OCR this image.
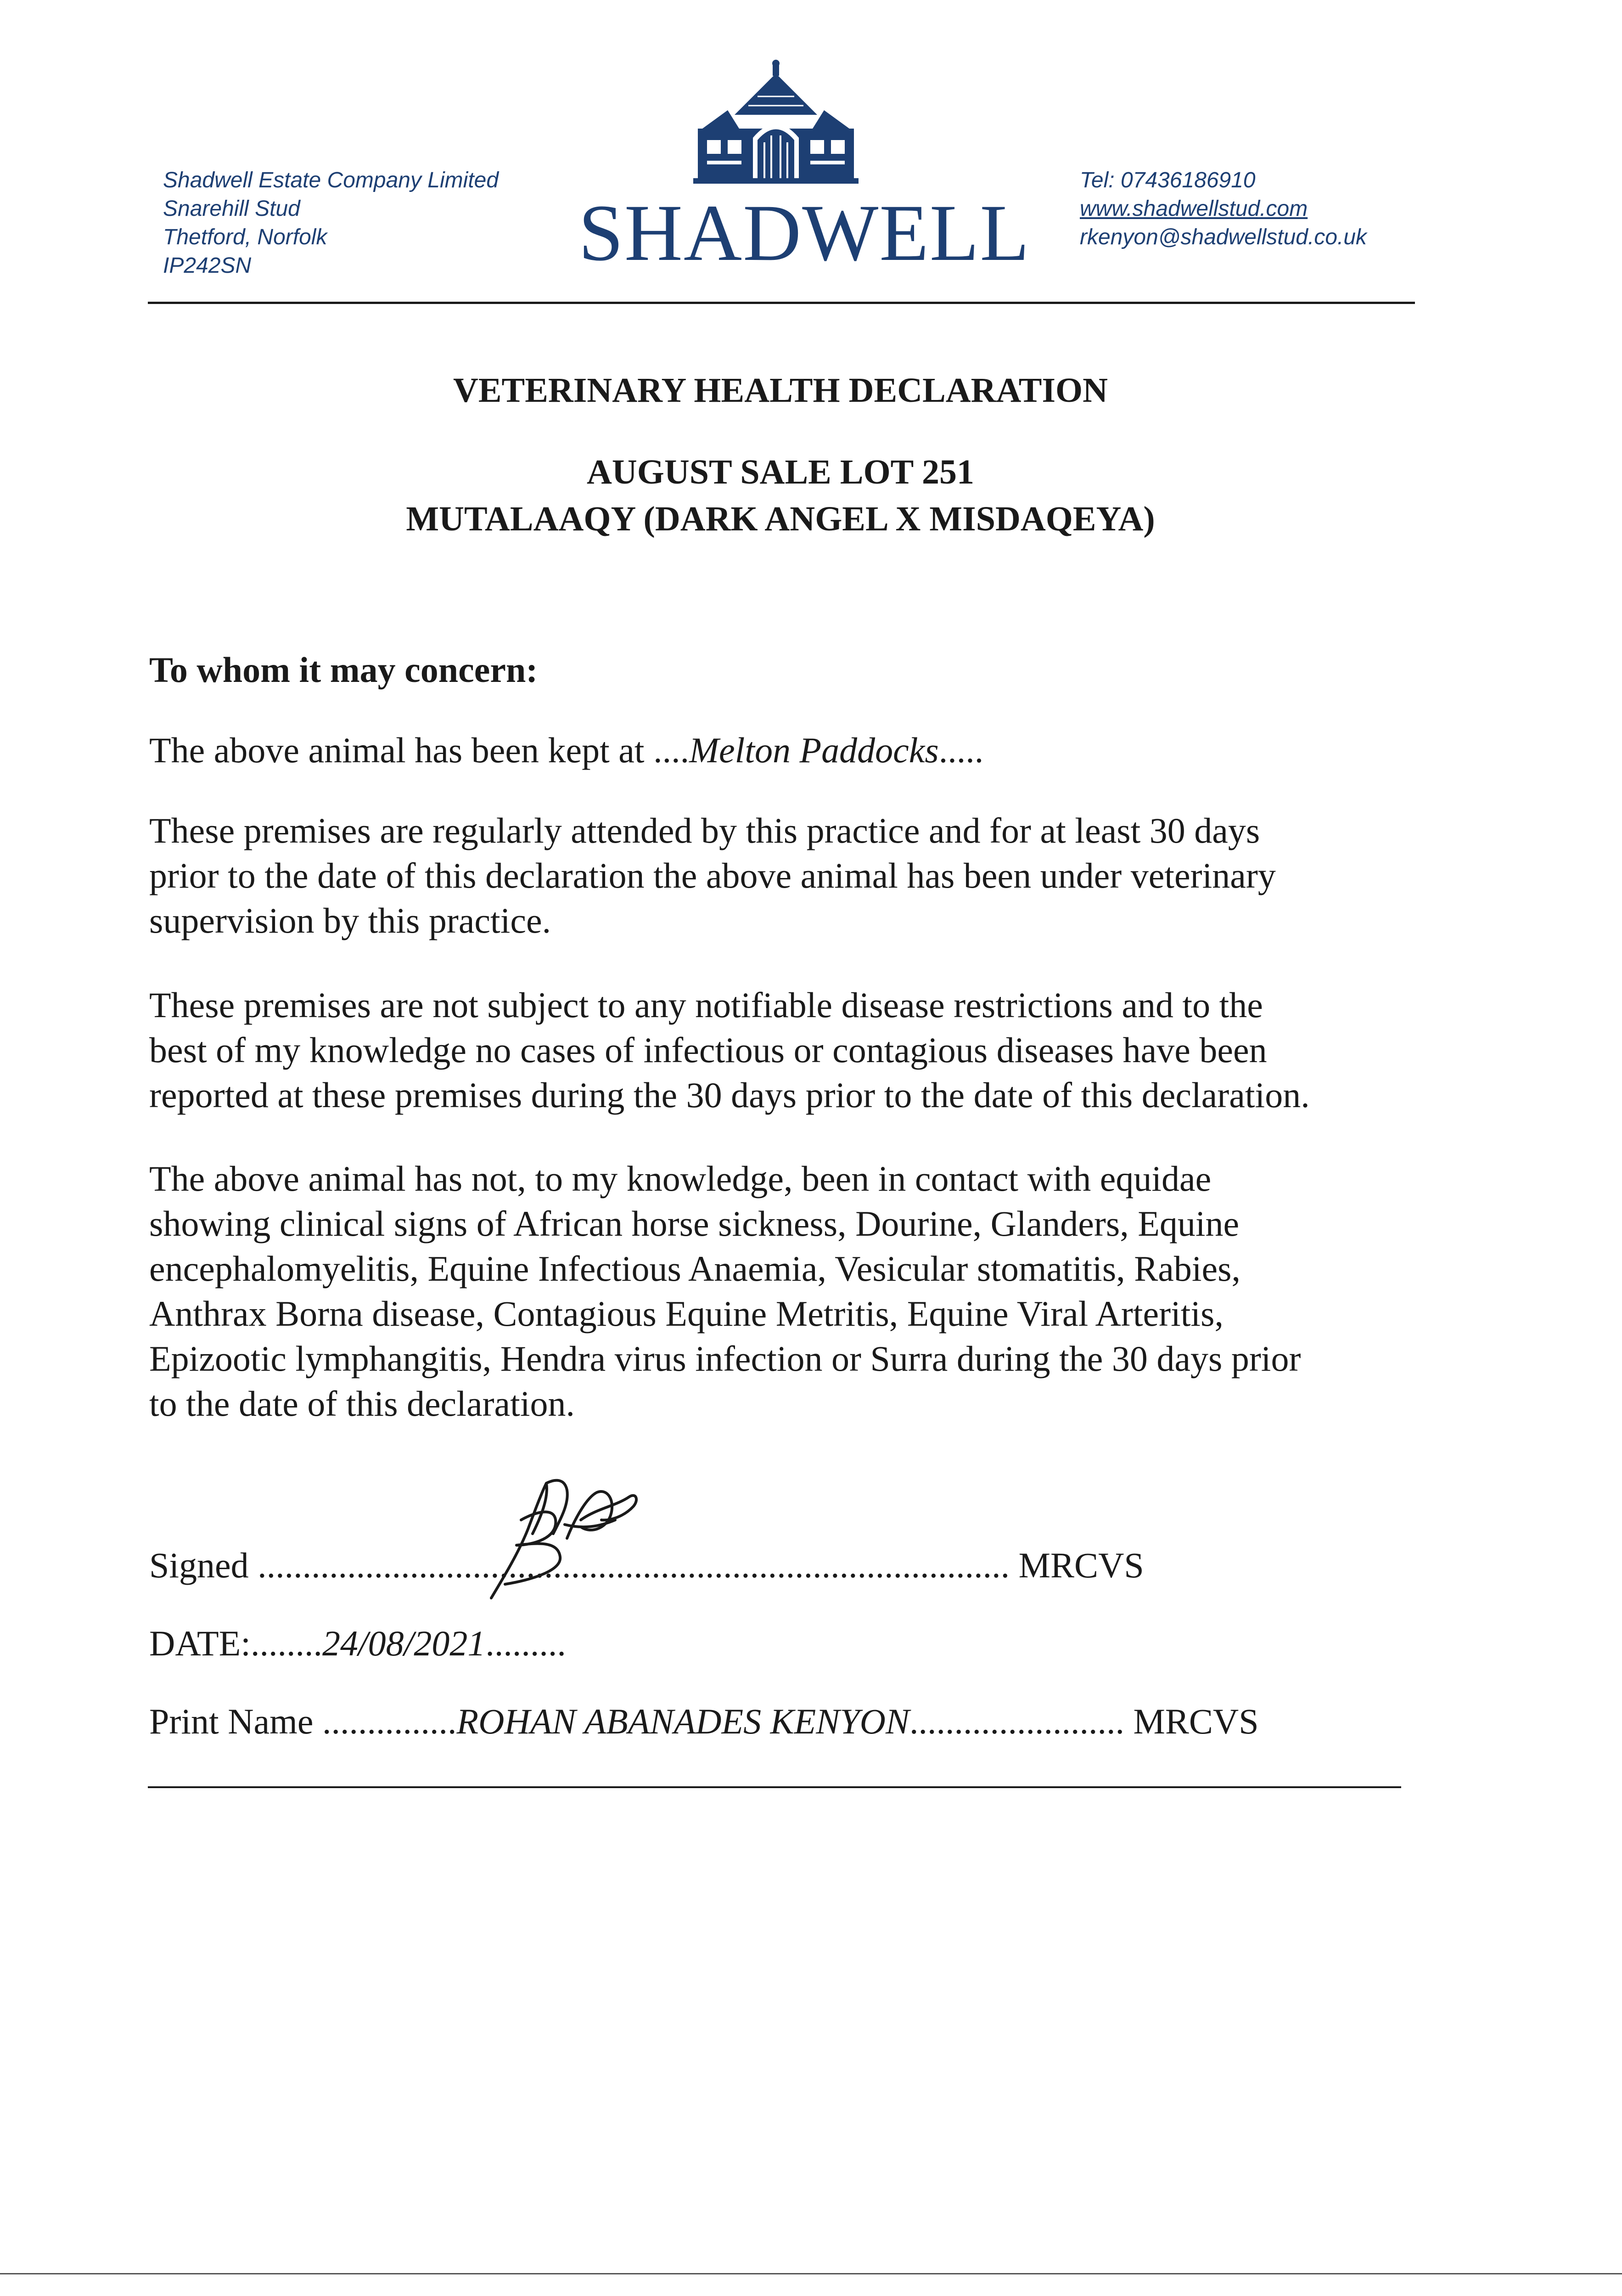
Shadwell Estate Company Limited
Snarehill Stud
Thetford, Norfolk
IP242SN	SHADWELL
Tel: 07436186910
www.shadwellstud.com
rkenyon@shadwellstud.co.uk
VETERINARY HEALTH DECLARATION
AUGUST SALE LOT 251
MUTALAAQY (DARK ANGEL X MISDAQEYA)
To whom it may concern:
The above animal has been kept at ....Melton Paddocks.....
These premises are regularly attended by this practice and for at least 30 days
prior to the date of this declaration the above animal has been under veterinary
supervision by this practice.
These premises are not subject to any notifiable disease restrictions and to the
best of my knowledge no cases of infectious or contagious diseases have been
reported at these premises during the 30 days prior to the date of this declaration.
The above animal has not, to my knowledge, been in contact with equidae
showing clinical signs of African horse sickness, Dourine, Glanders, Equine
encephalomyelitis, Equine Infectious Anaemia, Vesicular stomatitis, Rabies,
Anthrax Borna disease, Contagious Equine Metritis, Equine Viral Arteritis,
Epizootic lymphangitis, Hendra virus infection or Surra during the 30 days prior
to the date of this declaration.
Signed .................................................................................... MRCVS
DATE:........24/08/2021.........
Print Name ...............ROHAN ABANADES KENYON........................ MRCVS
